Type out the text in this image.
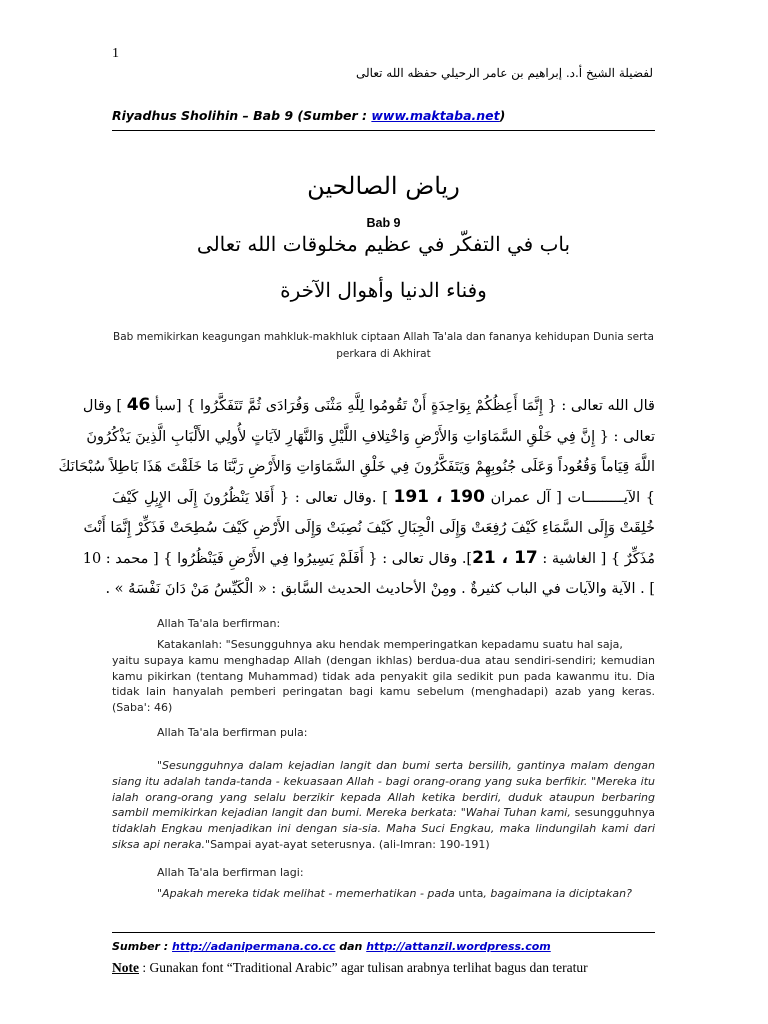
1
لفضيلة الشيخ أ.د. إبراهيم بن عامر الرحيلي حفظه الله تعالى
Riyadhus Sholihin – Bab 9 (Sumber : www.maktaba.net)
رياض الصالحين
Bab 9
باب في التفكّر في عظيم مخلوقات الله تعالى
وفناء الدنيا وأهوال الآخرة
Bab memikirkan keagungan mahkluk-makhluk ciptaan Allah Ta'ala dan fananya kehidupan Dunia serta perkara di Akhirat
قال الله تعالى : { إِنَّمَا أَعِظُكُمْ بِوَاحِدَةٍ أَنْ تَقُومُوا لِلَّهِ مَثْنَى وَفُرَادَى ثُمَّ تَتَفَكَّرُوا } [سبأ 46 ] وقال
تعالى : { إِنَّ فِي خَلْقِ السَّمَاوَاتِ وَالأَرْضِ وَاخْتِلافِ اللَّيْلِ وَالنَّهَارِ لآيَاتٍ لأُولِي الأَلْبَابِ الَّذِينَ يَذْكُرُونَ
اللَّهَ قِيَاماً وَقُعُوداً وَعَلَى جُنُوبِهِمْ وَيَتَفَكَّرُونَ فِي خَلْقِ السَّمَاوَاتِ وَالأَرْضِ رَبَّنَا مَا خَلَقْتَ هَذَا بَاطِلاً سُبْحَانَكَ
} الآيـــــــــات [ آل عمران 190 ، 191 ] .وقال تعالى : { أَفَلا يَنْظُرُونَ إِلَى الإِبِلِ كَيْفَ
خُلِقَتْ وَإِلَى السَّمَاءِ كَيْفَ رُفِعَتْ وَإِلَى الْجِبَالِ كَيْفَ نُصِبَتْ وَإِلَى الأَرْضِ كَيْفَ سُطِحَتْ فَذَكِّرْ إِنَّمَا أَنْتَ
مُذَكِّرٌ } [ الغاشية : 17 ، 21]. وقال تعالى : { أَفَلَمْ يَسِيرُوا فِي الأَرْضِ فَيَنْظُرُوا } [ محمد : 10
] . الآية والآيات في الباب كثيرةٌ . ومِنْ الأحاديث الحديث السَّابق : « الْكَيِّسُ مَنْ دَانَ نَفْسَهُ » .
Allah Ta'ala berfirman:
Katakanlah: "Sesungguhnya aku hendak memperingatkan kepadamu suatu hal saja,
yaitu supaya kamu menghadap Allah (dengan ikhlas) berdua-dua atau sendiri-sendiri; kemudian kamu pikirkan (tentang Muhammad) tidak ada penyakit gila sedikit pun pada kawanmu itu. Dia tidak lain hanyalah pemberi peringatan bagi kamu sebelum (menghadapi) azab yang keras. (Saba': 46)
Allah Ta'ala berfirman pula:
"Sesungguhnya dalam kejadian langit dan bumi serta bersilih, gantinya malam dengan siang itu adalah tanda-tanda - kekuasaan Allah - bagi orang-orang yang suka berfikir. "Mereka itu ialah orang-orang yang selalu berzikir kepada Allah ketika berdiri, duduk ataupun berbaring sambil memikirkan kejadian langit dan bumi. Mereka berkata: "Wahai Tuhan kami, sesungguhnya tidaklah Engkau menjadikan ini dengan sia-sia. Maha Suci Engkau, maka lindungilah kami dari siksa api neraka."Sampai ayat-ayat seterusnya. (ali-Imran: 190-191)
Allah Ta'ala berfirman lagi:
"Apakah mereka tidak melihat - memerhatikan - pada unta, bagaimana ia diciptakan?
Sumber : http://adanipermana.co.cc dan http://attanzil.wordpress.com
Note : Gunakan font “Traditional Arabic” agar tulisan arabnya terlihat bagus dan teratur
